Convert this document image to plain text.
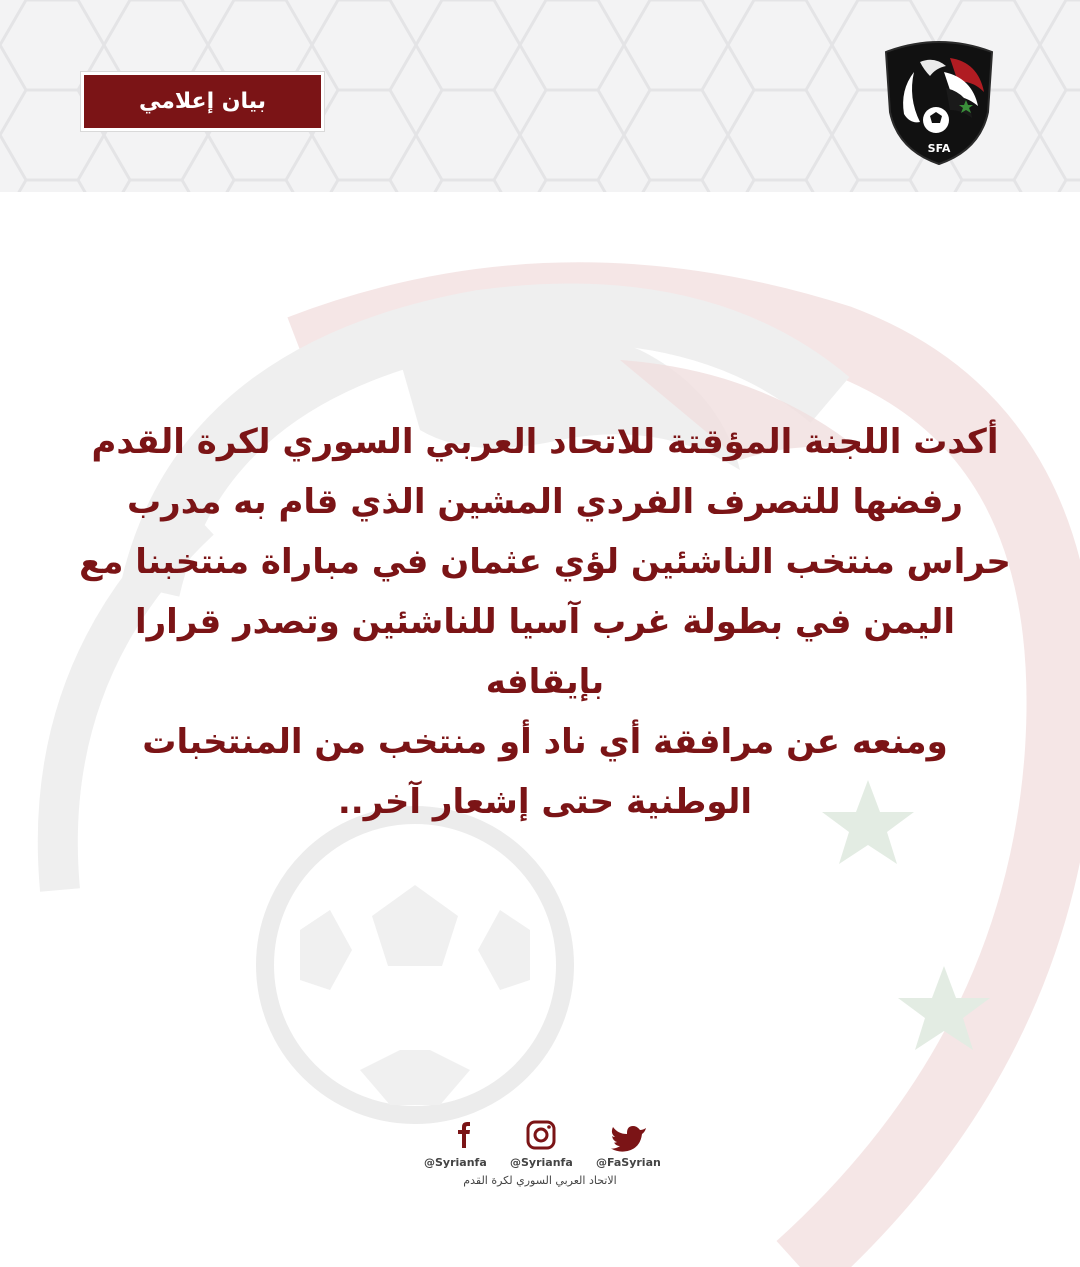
بيان إعلامي
SFA
أكدت اللجنة المؤقتة للاتحاد العربي السوري لكرة القدم
رفضها للتصرف الفردي المشين الذي قام به مدرب
حراس منتخب الناشئين لؤي عثمان في مباراة منتخبنا مع
اليمن في بطولة غرب آسيا للناشئين وتصدر قرارا بإيقافه
ومنعه عن مرافقة أي ناد أو منتخب من المنتخبات
الوطنية حتى إشعار آخر..
@Syrianfa @Syrianfa @FaSyrian
الاتحاد العربي السوري لكرة القدم
